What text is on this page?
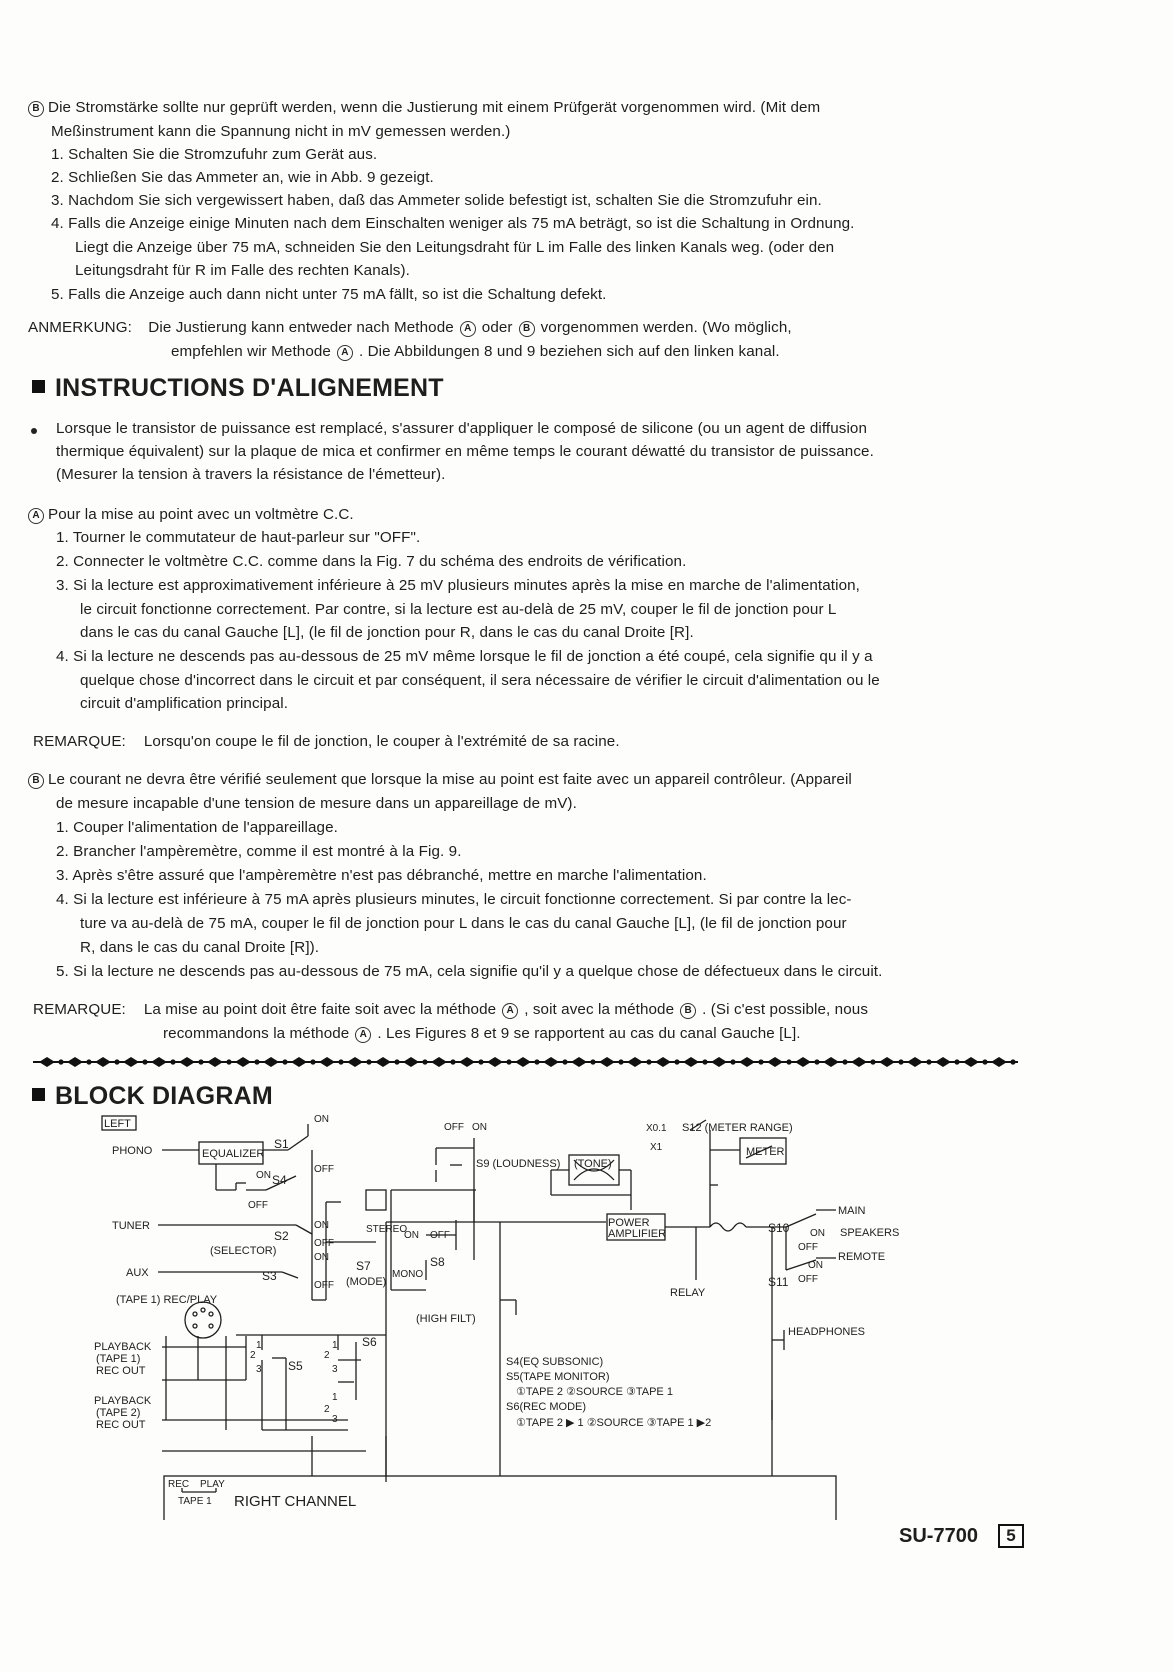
B Die Stromstärke sollte nur geprüft werden, wenn die Justierung mit einem Prüfgerät vorgenommen wird. (Mit dem
Meßinstrument kann die Spannung nicht in mV gemessen werden.)
1. Schalten Sie die Stromzufuhr zum Gerät aus.
2. Schließen Sie das Ammeter an, wie in Abb. 9 gezeigt.
3. Nachdom Sie sich vergewissert haben, daß das Ammeter solide befestigt ist, schalten Sie die Stromzufuhr ein.
4. Falls die Anzeige einige Minuten nach dem Einschalten weniger als 75 mA beträgt, so ist die Schaltung in Ordnung.
Liegt die Anzeige über 75 mA, schneiden Sie den Leitungsdraht für L im Falle des linken Kanals weg. (oder den
Leitungsdraht für R im Falle des rechten Kanals).
5. Falls die Anzeige auch dann nicht unter 75 mA fällt, so ist die Schaltung defekt.
ANMERKUNG: Die Justierung kann entweder nach Methode A oder B vorgenommen werden. (Wo möglich,
empfehlen wir Methode A . Die Abbildungen 8 und 9 beziehen sich auf den linken kanal.
INSTRUCTIONS D'ALIGNEMENT
Lorsque le transistor de puissance est remplacé, s'assurer d'appliquer le composé de silicone (ou un agent de diffusion
thermique équivalent) sur la plaque de mica et confirmer en même temps le courant déwatté du transistor de puissance.
(Mesurer la tension à travers la résistance de l'émetteur).
A Pour la mise au point avec un voltmètre C.C.
1. Tourner le commutateur de haut-parleur sur "OFF".
2. Connecter le voltmètre C.C. comme dans la Fig. 7 du schéma des endroits de vérification.
3. Si la lecture est approximativement inférieure à 25 mV plusieurs minutes après la mise en marche de l'alimentation,
le circuit fonctionne correctement. Par contre, si la lecture est au-delà de 25 mV, couper le fil de jonction pour L
dans le cas du canal Gauche [L], (le fil de jonction pour R, dans le cas du canal Droite [R].
4. Si la lecture ne descends pas au-dessous de 25 mV même lorsque le fil de jonction a été coupé, cela signifie qu il y a
quelque chose d'incorrect dans le circuit et par conséquent, il sera nécessaire de vérifier le circuit d'alimentation ou le
circuit d'amplification principal.
REMARQUE: Lorsqu'on coupe le fil de jonction, le couper à l'extrémité de sa racine.
B Le courant ne devra être vérifié seulement que lorsque la mise au point est faite avec un appareil contrôleur. (Appareil
de mesure incapable d'une tension de mesure dans un appareillage de mV).
1. Couper l'alimentation de l'appareillage.
2. Brancher l'ampèremètre, comme il est montré à la Fig. 9.
3. Après s'être assuré que l'ampèremètre n'est pas débranché, mettre en marche l'alimentation.
4. Si la lecture est inférieure à 75 mA après plusieurs minutes, le circuit fonctionne correctement. Si par contre la lec-
ture va au-delà de 75 mA, couper le fil de jonction pour L dans le cas du canal Gauche [L], (le fil de jonction pour
R, dans le cas du canal Droite [R]).
5. Si la lecture ne descends pas au-dessous de 75 mA, cela signifie qu'il y a quelque chose de défectueux dans le circuit.
REMARQUE: La mise au point doit être faite soit avec la méthode A , soit avec la méthode B . (Si c'est possible, nous
recommandons la méthode A . Les Figures 8 et 9 se rapportent au cas du canal Gauche [L].
BLOCK DIAGRAM
LEFT
PHONO	EQUALIZER
S1
ON
OFF
S4
ON
OFF
TUNER
S2
(SELECTOR)
ON
OFF
ON
AUX	S3
OFF
(TAPE 1) REC/PLAY
PLAYBACK
(TAPE 1)
REC OUT
PLAYBACK
(TAPE 2)
REC OUT
1
2
3 S5
1
2
3
S6
1
2
3
OFF ON
S9 (LOUDNESS) (TONE)
STEREO
ON OFF
S7
(MODE)
MONO
S8
(HIGH FILT)
POWER
AMPLIFIER
X0.1
X1
S12 (METER RANGE)
METER
RELAY
S10 ON
OFF
S11
ON
OFF
MAIN
SPEAKERS
REMOTE
HEADPHONES
S4(EQ SUBSONIC)
S5(TAPE MONITOR)
①TAPE 2 ②SOURCE ③TAPE 1
S6(REC MODE)
①TAPE 2 ▶ 1 ②SOURCE ③TAPE 1 ▶2
REC PLAY
TAPE 1 RIGHT CHANNEL
SU-7700	5
